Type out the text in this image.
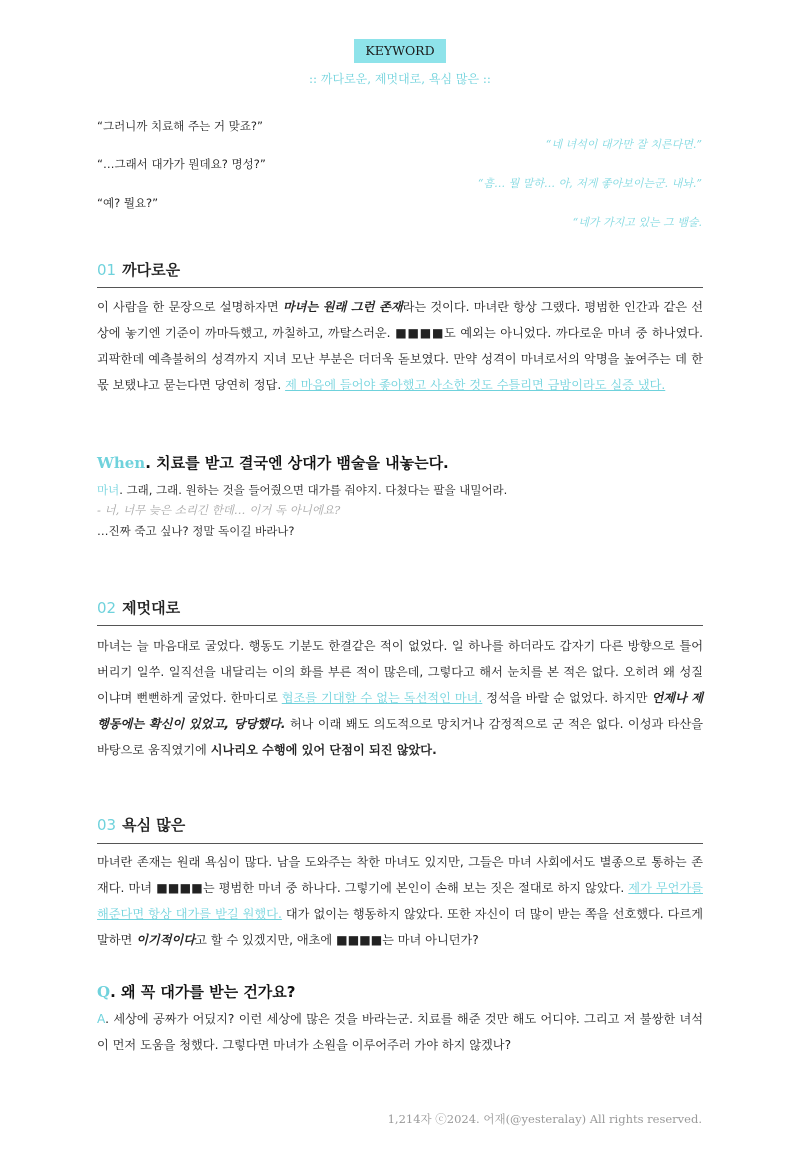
KEYWORD
:: 까다로운, 제멋대로, 욕심 많은 ::
“그러니까 치료해 주는 거 맞죠?”
“네 녀석이 대가만 잘 치른다면.”
“…그래서 대가가 뭔데요? 명성?”
“흠… 뭘 말하… 아, 저게 좋아보이는군. 내놔.”
“예? 뭘요?”
“네가 가지고 있는 그 뱀술.
01 까다로운
이 사람을 한 문장으로 설명하자면 마녀는 원래 그런 존재라는 것이다. 마녀란 항상 그랬다. 평범한 인간과 같은 선상에 놓기엔 기준이 까마득했고, 까칠하고, 까탈스러운. ■■■■도 예외는 아니었다. 까다로운 마녀 중 하나였다. 괴팍한데 예측불허의 성격까지 지녀 모난 부분은 더더욱 돋보였다. 만약 성격이 마녀로서의 악명을 높여주는 데 한몫 보탰냐고 묻는다면 당연히 정답. 제 마음에 들어야 좋아했고 사소한 것도 수틀리면 금밤이라도 실증 냈다.
When. 치료를 받고 결국엔 상대가 뱀술을 내놓는다.
마녀. 그래, 그래. 원하는 것을 들어줬으면 대가를 줘야지. 다쳤다는 팔을 내밀어라.
- 너, 너무 늦은 소리긴 한데… 이거 독 아니에요?
…진짜 죽고 싶나? 정말 독이길 바라나?
02 제멋대로
마녀는 늘 마음대로 굴었다. 행동도 기분도 한결같은 적이 없었다. 일 하나를 하더라도 갑자기 다른 방향으로 틀어버리기 일쑤. 일직선을 내달리는 이의 화를 부른 적이 많은데, 그렇다고 해서 눈치를 본 적은 없다. 오히려 왜 성질이냐며 뻔뻔하게 굴었다. 한마디로 협조를 기대할 수 없는 독선적인 마녀. 정석을 바랄 순 없었다. 하지만 언제나 제 행동에는 확신이 있었고, 당당했다. 허나 이래 봬도 의도적으로 망치거나 감정적으로 군 적은 없다. 이성과 타산을 바탕으로 움직였기에 시나리오 수행에 있어 단점이 되진 않았다.
03 욕심 많은
마녀란 존재는 원래 욕심이 많다. 남을 도와주는 착한 마녀도 있지만, 그들은 마녀 사회에서도 별종으로 통하는 존재다. 마녀 ■■■■는 평범한 마녀 중 하나다. 그렇기에 본인이 손해 보는 짓은 절대로 하지 않았다. 제가 무언가를 해준다면 항상 대가를 받길 원했다. 대가 없이는 행동하지 않았다. 또한 자신이 더 많이 받는 쪽을 선호했다. 다르게 말하면 이기적이다고 할 수 있겠지만, 애초에 ■■■■는 마녀 아니던가?
Q. 왜 꼭 대가를 받는 건가요?
A. 세상에 공짜가 어딨지? 이런 세상에 많은 것을 바라는군. 치료를 해준 것만 해도 어디야. 그리고 저 불쌍한 녀석이 먼저 도움을 청했다. 그렇다면 마녀가 소원을 이루어주러 가야 하지 않겠나?
1,214자 ⓒ2024. 어재(@yesteralay) All rights reserved.
